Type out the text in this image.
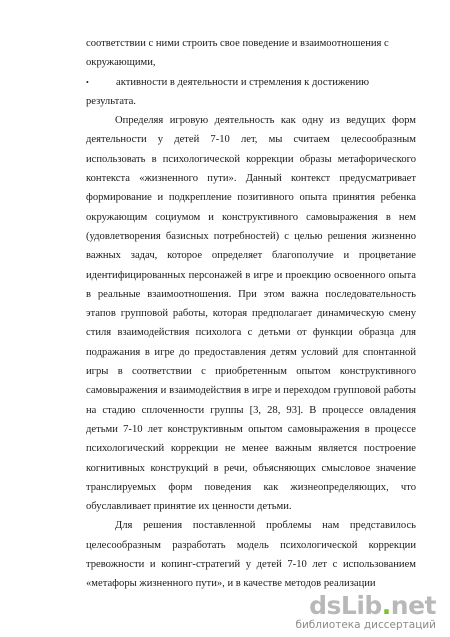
соответствии с ними строить свое поведение и взаимоотношения с

окружающими,

•	активности в деятельности и стремления к достижению

результата.

Определяя игровую деятельность как одну из ведущих форм деятельности у детей 7-10 лет, мы считаем целесообразным использовать в психологической коррекции образы метафорического контекста «жизненного пути». Данный контекст предусматривает формирование и подкрепление позитивного опыта принятия ребенка окружающим социумом и конструктивного самовыражения в нем (удовлетворения базисных потребностей) с целью решения жизненно важных задач, которое определяет благополучие и процветание идентифицированных персонажей в игре и проекцию освоенного опыта в реальные взаимоотношения. При этом важна последовательность этапов групповой работы, которая предполагает динамическую смену стиля взаимодействия психолога с детьми от функции образца для подражания в игре до предоставления детям условий для спонтанной игры в соответствии с приобретенным опытом конструктивного самовыражения и взаимодействия в игре и переходом групповой работы на стадию сплоченности группы [3, 28, 93]. В процессе овладения детьми 7-10 лет конструктивным опытом самовыражения в процессе психологический коррекции не менее важным является построение когнитивных конструкций в речи, объясняющих смысловое значение транслируемых форм поведения как жизнеопределяющих, что обуславливает принятие их ценности детьми.

Для решения поставленной проблемы нам представилось целесообразным разработать модель психологической коррекции тревожности и копинг-стратегий у детей 7-10 лет с использованием «метафоры жизненного пути», и в качестве методов реализации

dsLib.net
библиотека диссертаций
